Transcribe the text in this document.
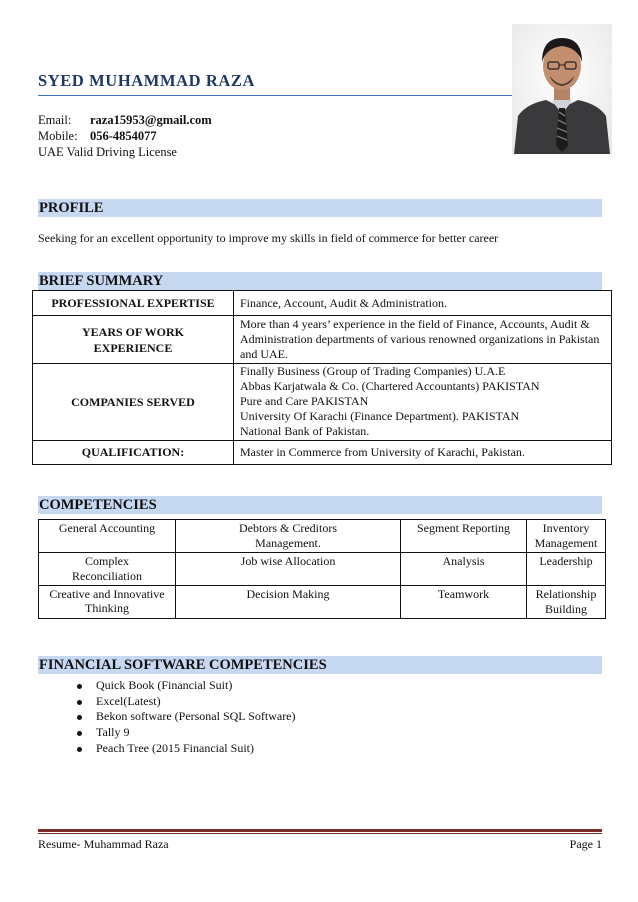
SYED MUHAMMAD RAZA
Email: raza15953@gmail.com
Mobile: 056-4854077
UAE Valid Driving License
PROFILE
Seeking for an excellent opportunity to improve my skills in field of commerce for better career
BRIEF SUMMARY
PROFESSIONAL EXPERTISE	Finance, Account, Audit & Administration.
YEARS OF WORK EXPERIENCE	More than 4 years’ experience in the field of Finance, Accounts, Audit & Administration departments of various renowned organizations in Pakistan and UAE.
COMPANIES SERVED	Finally Business (Group of Trading Companies) U.A.E
Abbas Karjatwala & Co. (Chartered Accountants) PAKISTAN
Pure and Care PAKISTAN
University Of Karachi (Finance Department). PAKISTAN
National Bank of Pakistan.

QUALIFICATION:	Master in Commerce from University of Karachi, Pakistan.
COMPETENCIES
General Accounting	Debtors & Creditors Management.	Segment Reporting	Inventory Management
Complex Reconciliation	Job wise Allocation	Analysis	Leadership
Creative and Innovative Thinking	Decision Making	Teamwork	Relationship Building
FINANCIAL SOFTWARE COMPETENCIES
Quick Book (Financial Suit)
Excel(Latest)
Bekon software (Personal SQL Software)
Tally 9
Peach Tree (2015 Financial Suit)
Resume- Muhammad Raza	Page 1
